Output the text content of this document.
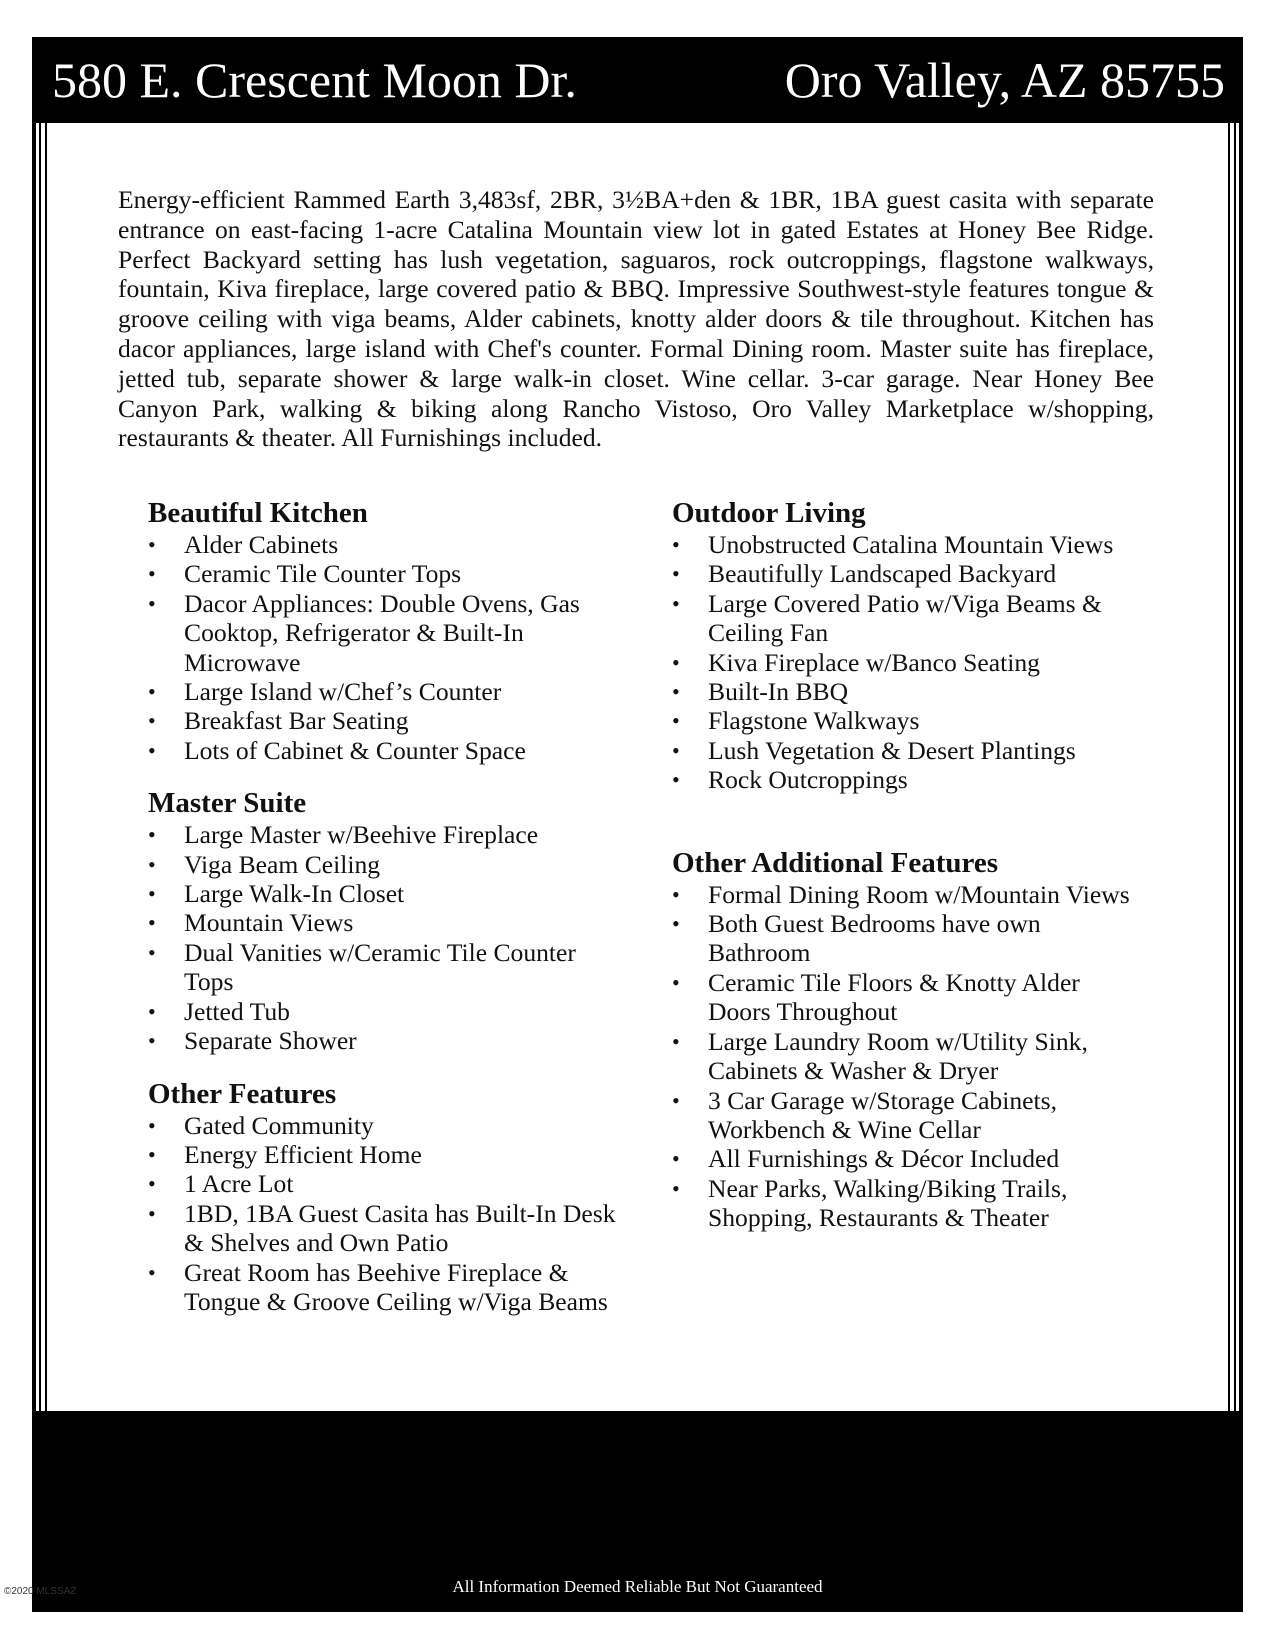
580 E. Crescent Moon Dr.	Oro Valley, AZ 85755

Energy-efficient Rammed Earth 3,483sf, 2BR, 3½BA+den & 1BR, 1BA guest casita with separate entrance on east-facing 1-acre Catalina Mountain view lot in gated Estates at Honey Bee Ridge. Perfect Backyard setting has lush vegetation, saguaros, rock outcroppings, flagstone walkways, fountain, Kiva fireplace, large covered patio & BBQ. Impressive Southwest-style features tongue & groove ceiling with viga beams, Alder cabinets, knotty alder doors & tile throughout. Kitchen has dacor appliances, large island with Chef's counter. Formal Dining room. Master suite has fireplace, jetted tub, separate shower & large walk-in closet. Wine cellar. 3-car garage. Near Honey Bee Canyon Park, walking & biking along Rancho Vistoso, Oro Valley Marketplace w/shopping, restaurants & theater. All Furnishings included.

Beautiful Kitchen
• Alder Cabinets
• Ceramic Tile Counter Tops
• Dacor Appliances: Double Ovens, Gas Cooktop, Refrigerator & Built-In Microwave
• Large Island w/Chef’s Counter
• Breakfast Bar Seating
• Lots of Cabinet & Counter Space
Master Suite
• Large Master w/Beehive Fireplace
• Viga Beam Ceiling
• Large Walk-In Closet
• Mountain Views
• Dual Vanities w/Ceramic Tile Counter Tops
• Jetted Tub
• Separate Shower
Other Features
• Gated Community
• Energy Efficient Home
• 1 Acre Lot
• 1BD, 1BA Guest Casita has Built-In Desk & Shelves and Own Patio
• Great Room has Beehive Fireplace & Tongue & Groove Ceiling w/Viga Beams
Outdoor Living
• Unobstructed Catalina Mountain Views
• Beautifully Landscaped Backyard
• Large Covered Patio w/Viga Beams & Ceiling Fan
• Kiva Fireplace w/Banco Seating
• Built-In BBQ
• Flagstone Walkways
• Lush Vegetation & Desert Plantings
• Rock Outcroppings
Other Additional Features
• Formal Dining Room w/Mountain Views
• Both Guest Bedrooms have own Bathroom
• Ceramic Tile Floors & Knotty Alder Doors Throughout
• Large Laundry Room w/Utility Sink, Cabinets & Washer & Dryer
• 3 Car Garage w/Storage Cabinets, Workbench & Wine Cellar
• All Furnishings & Décor Included
• Near Parks, Walking/Biking Trails, Shopping, Restaurants & Theater
All Information Deemed Reliable But Not Guaranteed
©2020 MLSSAZ
